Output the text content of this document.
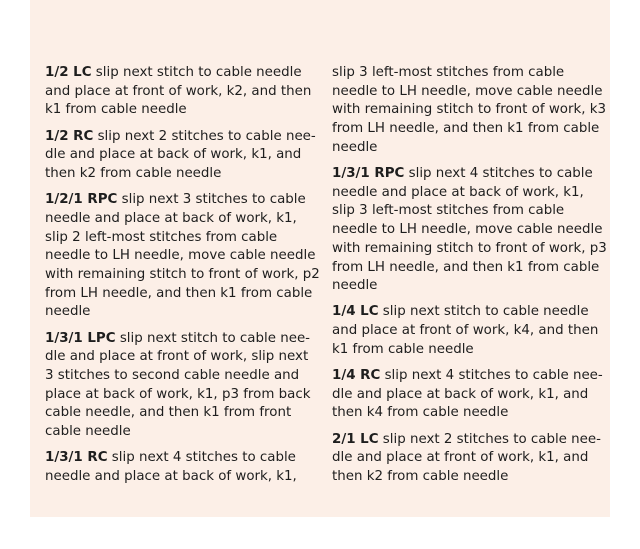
1/2 LC slip next stitch to cable needle
and place at front of work, k2, and then
k1 from cable needle
1/2 RC slip next 2 stitches to cable nee-
dle and place at back of work, k1, and
then k2 from cable needle
1/2/1 RPC slip next 3 stitches to cable
needle and place at back of work, k1,
slip 2 left-most stitches from cable
needle to LH needle, move cable needle
with remaining stitch to front of work, p2
from LH needle, and then k1 from cable
needle
1/3/1 LPC slip next stitch to cable nee-
dle and place at front of work, slip next
3 stitches to second cable needle and
place at back of work, k1, p3 from back
cable needle, and then k1 from front
cable needle
1/3/1 RC slip next 4 stitches to cable
needle and place at back of work, k1,
slip 3 left-most stitches from cable
needle to LH needle, move cable needle
with remaining stitch to front of work, k3
from LH needle, and then k1 from cable
needle
1/3/1 RPC slip next 4 stitches to cable
needle and place at back of work, k1,
slip 3 left-most stitches from cable
needle to LH needle, move cable needle
with remaining stitch to front of work, p3
from LH needle, and then k1 from cable
needle
1/4 LC slip next stitch to cable needle
and place at front of work, k4, and then
k1 from cable needle
1/4 RC slip next 4 stitches to cable nee-
dle and place at back of work, k1, and
then k4 from cable needle
2/1 LC slip next 2 stitches to cable nee-
dle and place at front of work, k1, and
then k2 from cable needle
